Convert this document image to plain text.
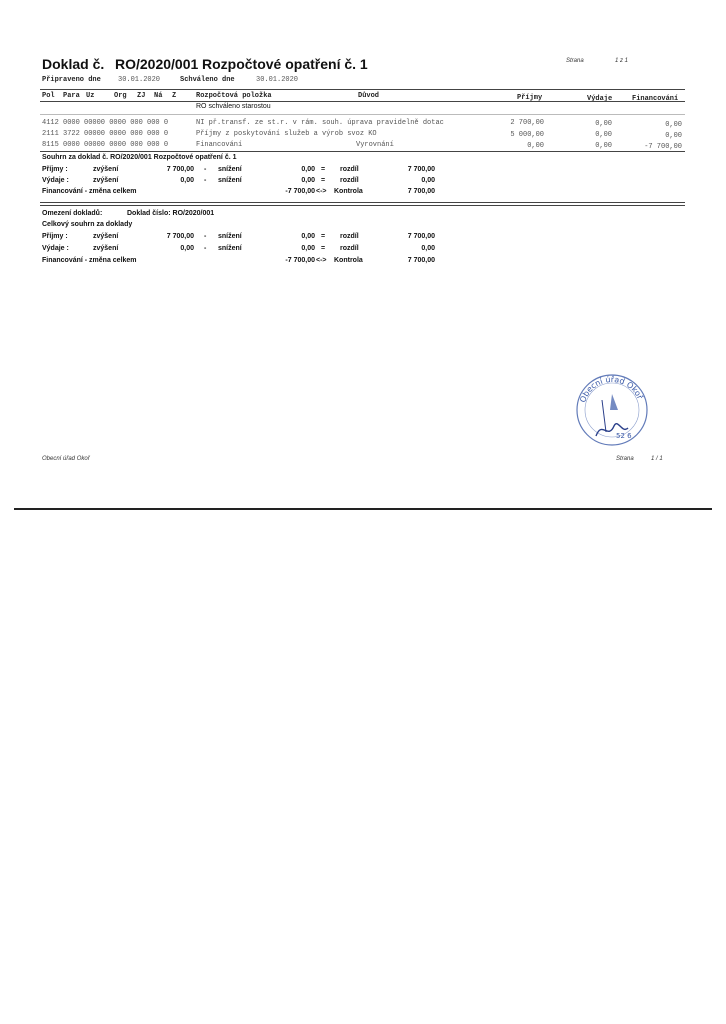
Doklad č. RO/2020/001 Rozpočtové opatření č. 1	Strana	1 z 1
Připraveno dne 30.01.2020	Schváleno dne	30.01.2020
Pol Para Uz	Org ZJ Ná Z	Rozpočtová položka	Důvod	Příjmy	Výdaje	Financování
RO schváleno starostou
4112 0000 00000 0000 000 000 0	NI př.transf. ze st.r. v rám. souh. úprava pravidelně dotac	2 700,00	0,00	0,00
2111 3722 00000 0000 000 000 0	Příjmy z poskytování služeb a výrob svoz KO	5 000,00	0,00	0,00
8115 0000 00000 0000 000 000 0	Financování	Vyrovnání	0,00	0,00	-7 700,00
Souhrn za doklad č. RO/2020/001 Rozpočtové opatření č. 1
Příjmy :	zvýšení	7 700,00 - snížení	0,00 = rozdíl	7 700,00
Výdaje :	zvýšení	0,00 - snížení	0,00 = rozdíl	0,00
Financování - změna celkem	-7 700,00 <-> Kontrola	7 700,00
Omezení dokladů:	Doklad číslo: RO/2020/001
Celkový souhrn za doklady
Příjmy :	zvýšení	7 700,00 - snížení	0,00 = rozdíl	7 700,00
Výdaje :	zvýšení	0,00 - snížení	0,00 = rozdíl	0,00
Financování - změna celkem	-7 700,00 <-> Kontrola	7 700,00
Obecní úřad Okoř
52 6
Obecní úřad Okoř	Strana	1 / 1
